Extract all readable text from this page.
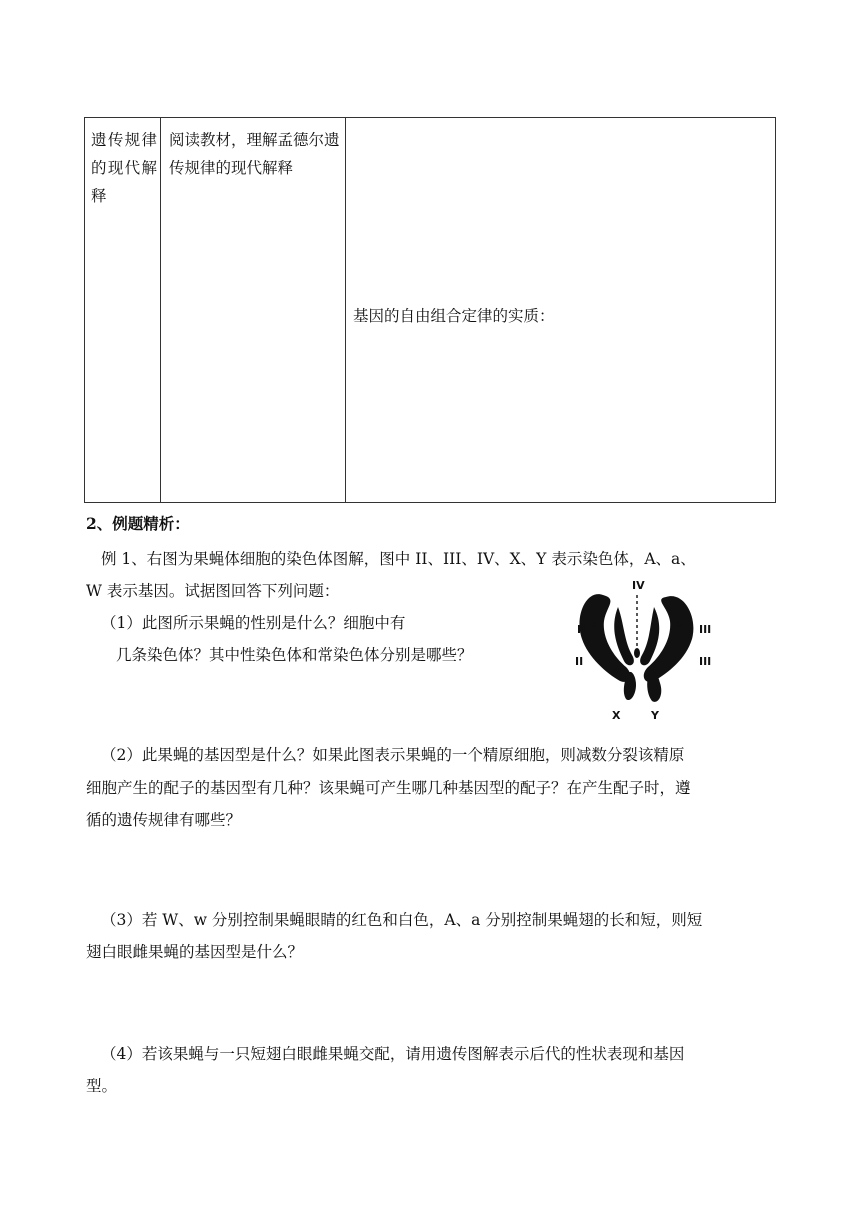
遗传规律的现代解释
阅读教材，理解孟德尔遗传规律的现代解释
基因的自由组合定律的实质：
2、例题精析：
例 1、右图为果蝇体细胞的染色体图解，图中 II、III、IV、X、Y 表示染色体，A、a、
W 表示基因。试据图回答下列问题：
（1）此图所示果蝇的性别是什么？细胞中有
几条染色体？其中性染色体和常染色体分别是哪些？
IV
II A
II
III
a
III
W
X	Y
（2）此果蝇的基因型是什么？如果此图表示果蝇的一个精原细胞，则减数分裂该精原
细胞产生的配子的基因型有几种？该果蝇可产生哪几种基因型的配子？在产生配子时，遵
循的遗传规律有哪些？
（3）若 W、w 分别控制果蝇眼睛的红色和白色，A、a 分别控制果蝇翅的长和短，则短
翅白眼雌果蝇的基因型是什么？
（4）若该果蝇与一只短翅白眼雌果蝇交配，请用遗传图解表示后代的性状表现和基因
型。
